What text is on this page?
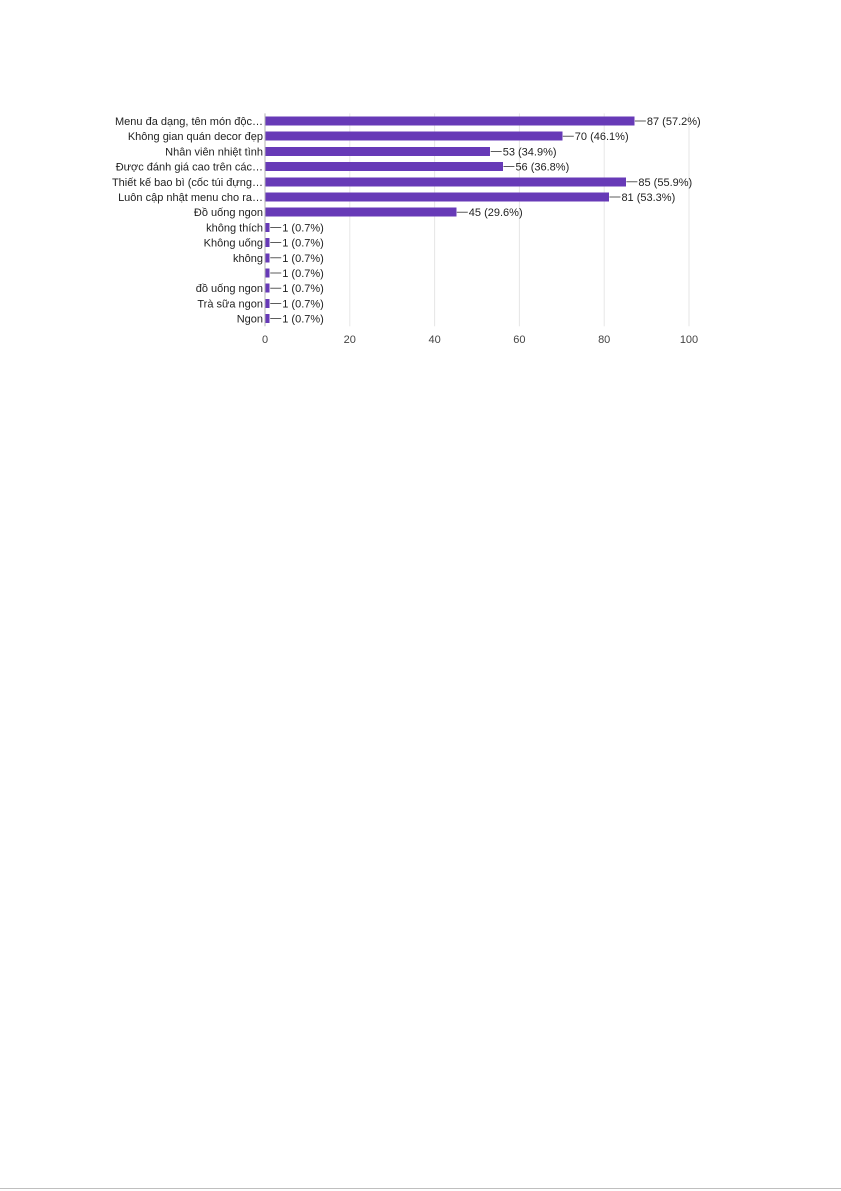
0	20	40	60	80	100
Menu đa dạng, tên món độc…	87 (57.2%)
Không gian quán decor đẹp	70 (46.1%)
Nhân viên nhiệt tình	53 (34.9%)
Được đánh giá cao trên các…	56 (36.8%)
Thiết kế bao bì (cốc túi đựng…	85 (55.9%)
Luôn cập nhật menu cho ra…	81 (53.3%)
Đồ uống ngon	45 (29.6%)
không thích 1 (0.7%)
Không uống 1 (0.7%)
không 1 (0.7%)
1 (0.7%)
đồ uống ngon 1 (0.7%)
Trà sữa ngon 1 (0.7%)
Ngon 1 (0.7%)
